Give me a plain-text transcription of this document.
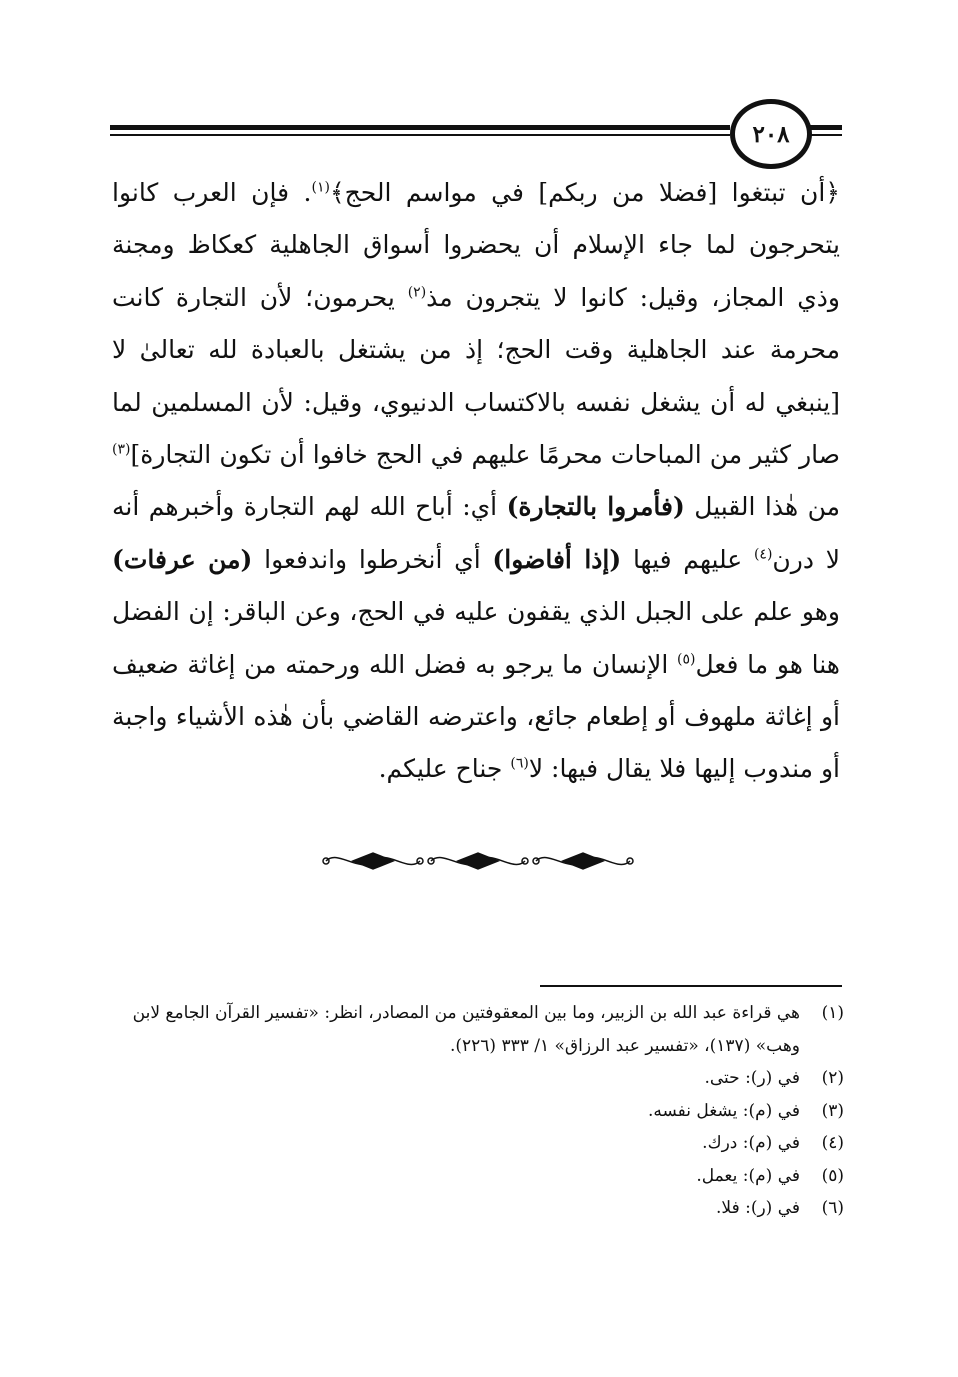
٢٠٨
﴿أن تبتغوا [فضلا من ربكم] في مواسم الحج﴾$^{(١)}$. فإن العرب كانوا يتحرجون لما جاء الإسلام أن يحضروا أسواق الجاهلية كعكاظ ومجنة وذي المجاز، وقيل: كانوا لا يتجرون مذ$^{(٢)}$ يحرمون؛ لأن التجارة كانت محرمة عند الجاهلية وقت الحج؛ إذ من يشتغل بالعبادة لله تعالىٰ لا [ينبغي له أن يشغل نفسه بالاكتساب الدنيوي، وقيل: لأن المسلمين لما صار كثير من المباحات محرمًا عليهم في الحج خافوا أن تكون التجارة]$^{(٣)}$ من هٰذا القبيل (فأمروا بالتجارة) أي: أباح الله لهم التجارة وأخبرهم أنه لا درن$^{(٤)}$ عليهم فيها (إذا أفاضوا) أي أنخرطوا واندفعوا (من عرفات) وهو علم على الجبل الذي يقفون عليه في الحج، وعن الباقر: إن الفضل هنا هو ما فعل$^{(٥)}$ الإنسان ما يرجو به فضل الله ورحمته من إغاثة ضعيف أو إغاثة ملهوف أو إطعام جائع، واعترضه القاضي بأن هٰذه الأشياء واجبة أو مندوب إليها فلا يقال فيها: لا$^{(٦)}$ جناح عليكم.
(١)
هي قراءة عبد الله بن الزبير، وما بين المعقوفتين من المصادر، انظر: «تفسير القرآن الجامع لابن وهب» (١٣٧)، «تفسير عبد الرزاق» ١/ ٣٣٣ (٢٢٦).
(٢)
في (ر): حتى.
(٣)
في (م): يشغل نفسه.
(٤)
في (م): درك.
(٥)
في (م): يعمل.
(٦)
في (ر): فلا.
